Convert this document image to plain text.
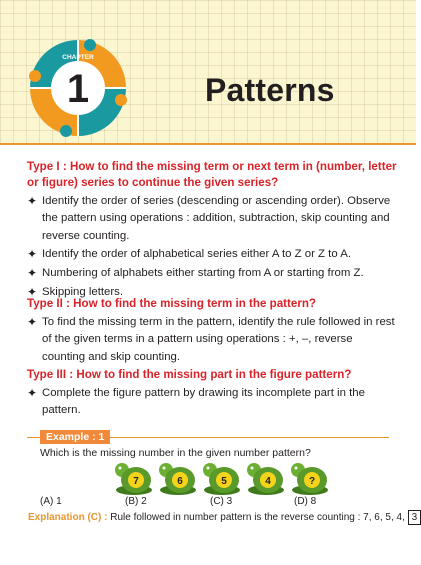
CHAPTER
1	Patterns
Type I : How to find the missing term or next term in (number, letter or figure) series to continue the given series?
✦ Identify the order of series (descending or ascending order). Observe the pattern using operations : addition, subtraction, skip counting and reverse counting.
✦ Identify the order of alphabetical series either A to Z or Z to A.
✦ Numbering of alphabets either starting from A or starting from Z.
✦ Skipping letters.
Type II : How to find the missing term in the pattern?
✦ To find the missing term in the pattern, identify the rule followed in rest of the given terms in a pattern using operations : +, –, reverse counting and skip counting.
Type III : How to find the missing part in the figure pattern?
✦ Complete the figure pattern by drawing its incomplete part in the pattern.
Example : 1
Which is the missing number in the given number pattern?
7	6	5	4	?
(A) 1	(B) 2	(C) 3	(D) 8
Explanation (C) : Rule followed in number pattern is the reverse counting : 7, 6, 5, 4, 3
